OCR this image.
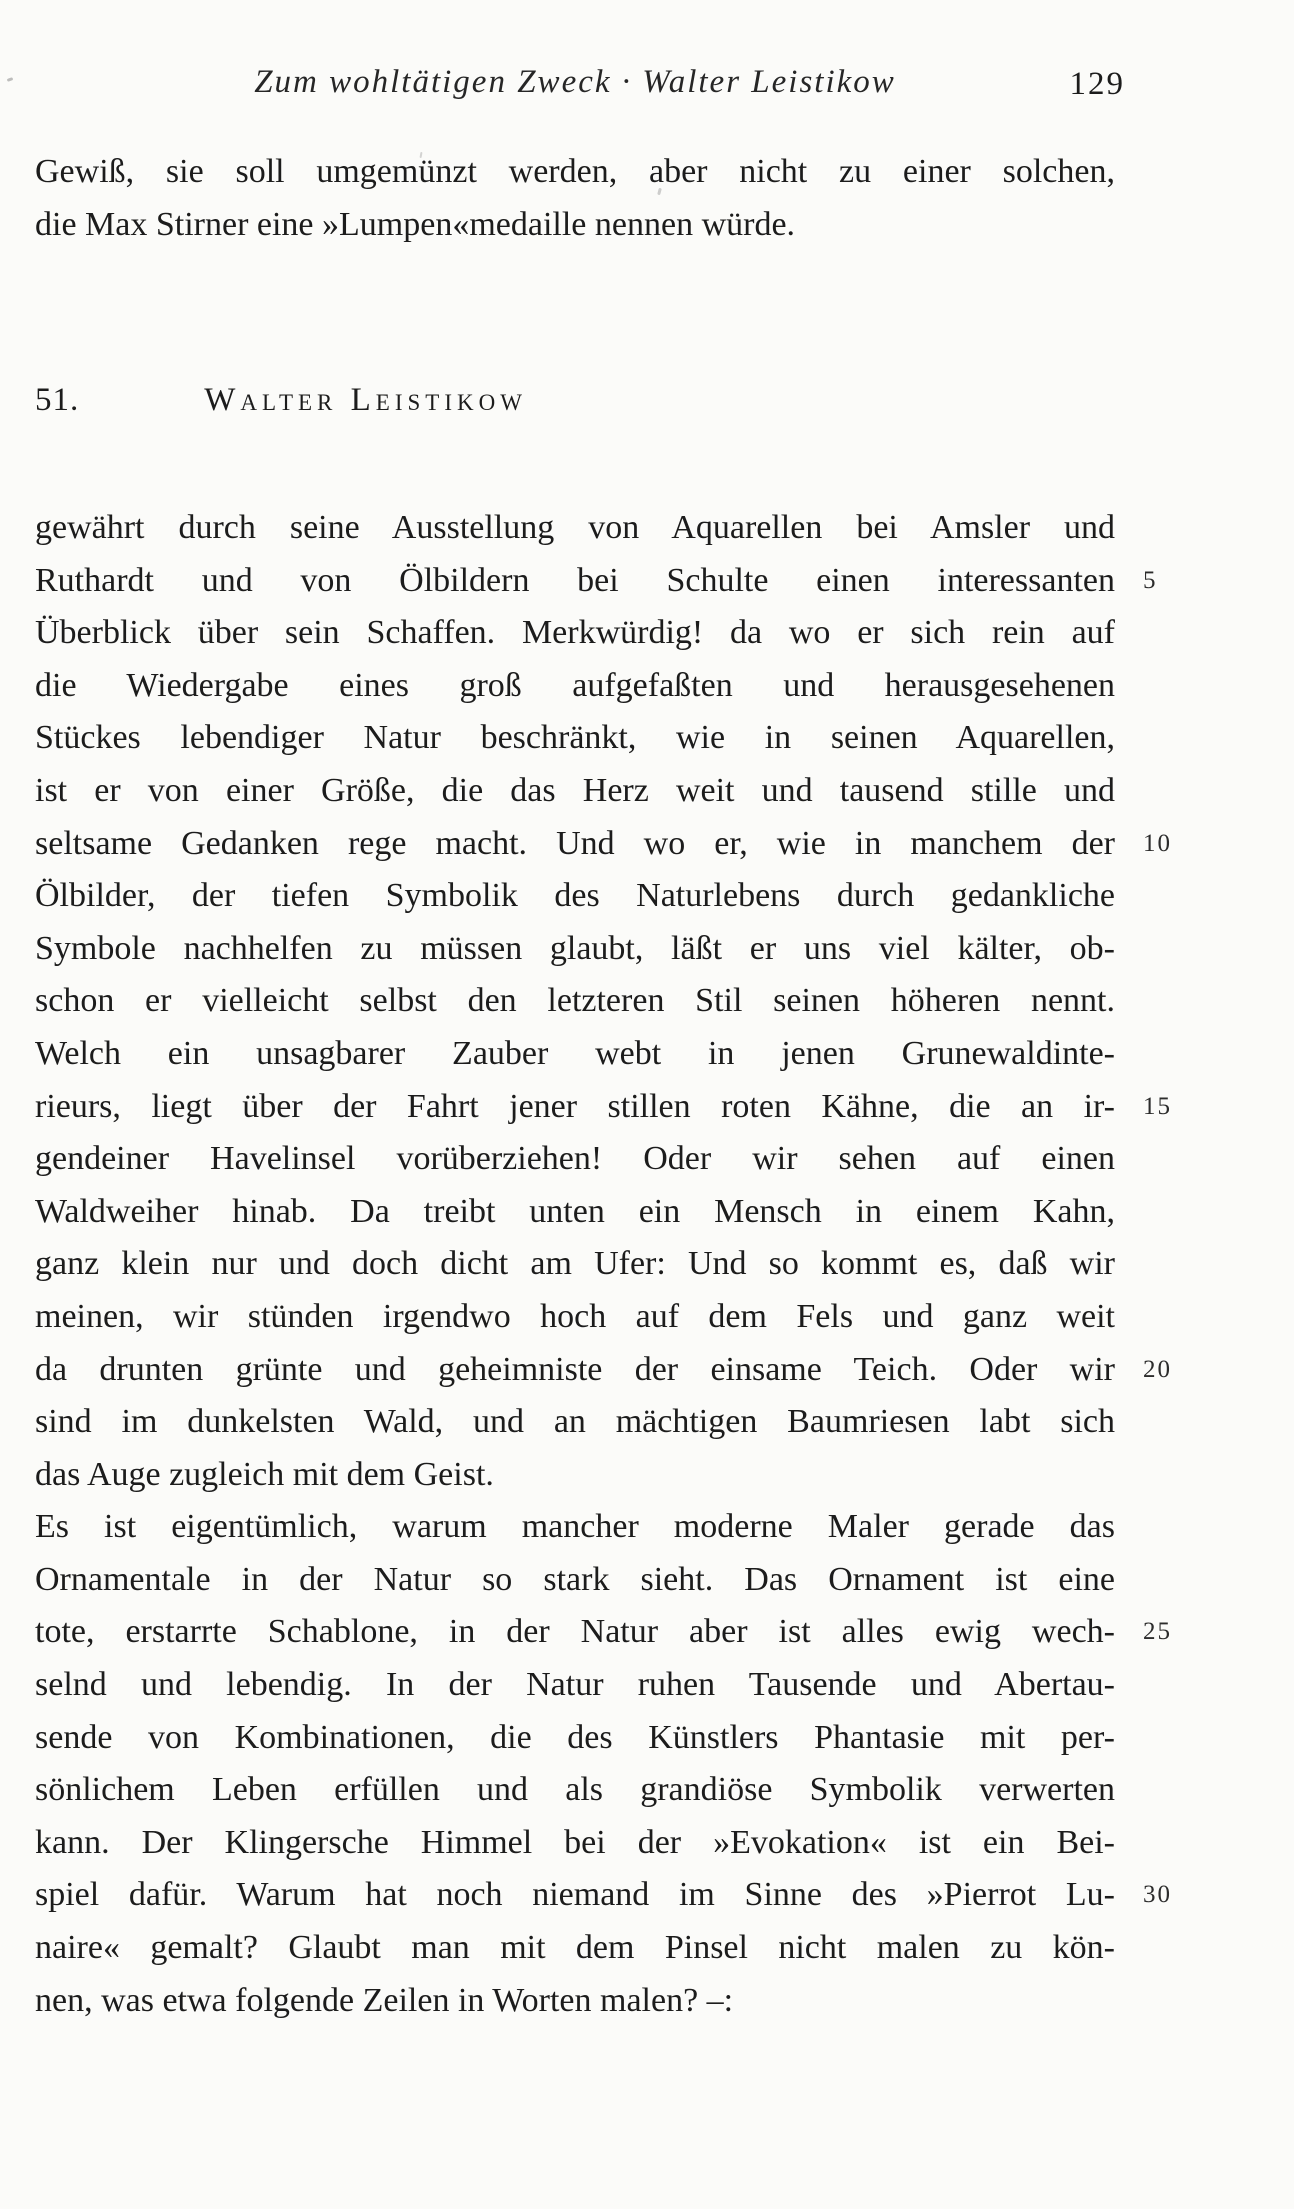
Zum wohltätigen Zweck · Walter Leistikow	129
Gewiß, sie soll umgemünzt werden, aber nicht zu einer solchen,
die Max Stirner eine »Lumpen«medaille nennen würde.
51.	Walter Leistikow
gewährt durch seine Ausstellung von Aquarellen bei Amsler und
Ruthardt und von Ölbildern bei Schulte einen interessanten 5
Überblick über sein Schaffen. Merkwürdig! da wo er sich rein auf
die Wiedergabe eines groß aufgefaßten und herausgesehenen
Stückes lebendiger Natur beschränkt, wie in seinen Aquarellen,
ist er von einer Größe, die das Herz weit und tausend stille und
seltsame Gedanken rege macht. Und wo er, wie in manchem der 10
Ölbilder, der tiefen Symbolik des Naturlebens durch gedankliche
Symbole nachhelfen zu müssen glaubt, läßt er uns viel kälter, ob-
schon er vielleicht selbst den letzteren Stil seinen höheren nennt.
Welch ein unsagbarer Zauber webt in jenen Grunewaldinte-
rieurs, liegt über der Fahrt jener stillen roten Kähne, die an ir- 15
gendeiner Havelinsel vorüberziehen! Oder wir sehen auf einen
Waldweiher hinab. Da treibt unten ein Mensch in einem Kahn,
ganz klein nur und doch dicht am Ufer: Und so kommt es, daß wir
meinen, wir stünden irgendwo hoch auf dem Fels und ganz weit
da drunten grünte und geheimniste der einsame Teich. Oder wir 20
sind im dunkelsten Wald, und an mächtigen Baumriesen labt sich
das Auge zugleich mit dem Geist.
Es ist eigentümlich, warum mancher moderne Maler gerade das
Ornamentale in der Natur so stark sieht. Das Ornament ist eine
tote, erstarrte Schablone, in der Natur aber ist alles ewig wech- 25
selnd und lebendig. In der Natur ruhen Tausende und Abertau-
sende von Kombinationen, die des Künstlers Phantasie mit per-
sönlichem Leben erfüllen und als grandiöse Symbolik verwerten
kann. Der Klingersche Himmel bei der »Evokation« ist ein Bei-
spiel dafür. Warum hat noch niemand im Sinne des »Pierrot Lu- 30
naire« gemalt? Glaubt man mit dem Pinsel nicht malen zu kön-
nen, was etwa folgende Zeilen in Worten malen? –:
